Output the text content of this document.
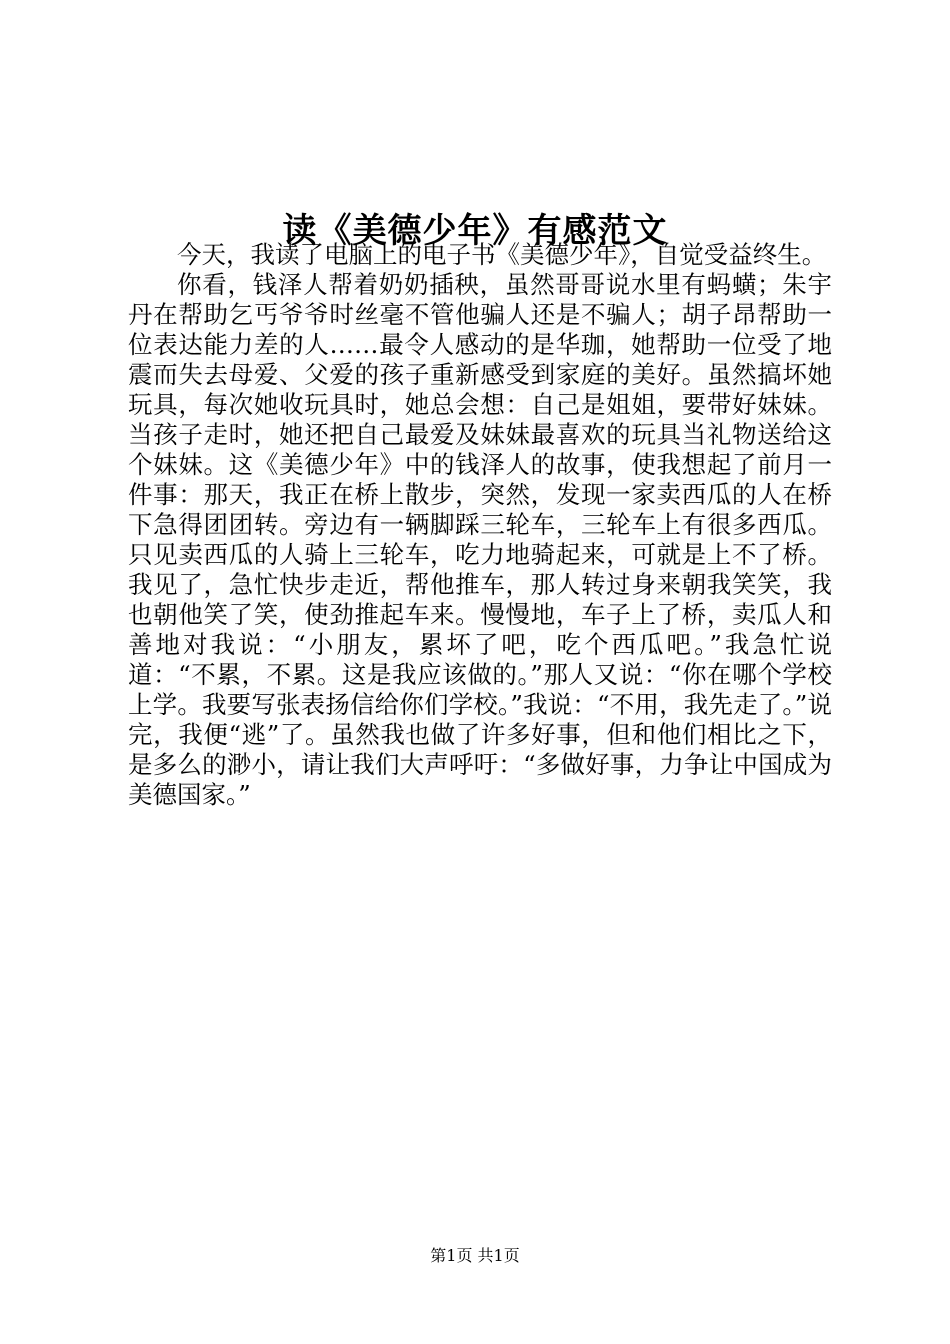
读《美德少年》有感范文

今天，我读了电脑上的电子书《美德少年》，自觉受益终生。

你看，钱泽人帮着奶奶插秧，虽然哥哥说水里有蚂蟥；朱宇丹在帮助乞丐爷爷时丝毫不管他骗人还是不骗人；胡子昂帮助一位表达能力差的人……最令人感动的是华珈，她帮助一位受了地震而失去母爱、父爱的孩子重新感受到家庭的美好。虽然搞坏她玩具，每次她收玩具时，她总会想：自己是姐姐，要带好妹妹。当孩子走时，她还把自己最爱及妹妹最喜欢的玩具当礼物送给这个妹妹。这《美德少年》中的钱泽人的故事，使我想起了前月一件事：那天，我正在桥上散步，突然，发现一家卖西瓜的人在桥下急得团团转。旁边有一辆脚踩三轮车，三轮车上有很多西瓜。只见卖西瓜的人骑上三轮车，吃力地骑起来，可就是上不了桥。我见了，急忙快步走近，帮他推车，那人转过身来朝我笑笑，我也朝他笑了笑，使劲推起车来。慢慢地，车子上了桥，卖瓜人和善地对我说：“小朋友，累坏了吧，吃个西瓜吧。”我急忙说道：“不累，不累。这是我应该做的。”那人又说：“你在哪个学校上学。我要写张表扬信给你们学校。”我说：“不用，我先走了。”说完，我便“逃”了。虽然我也做了许多好事，但和他们相比之下，是多么的渺小，请让我们大声呼吁：“多做好事，力争让中国成为美德国家。”

第1页 共1页
